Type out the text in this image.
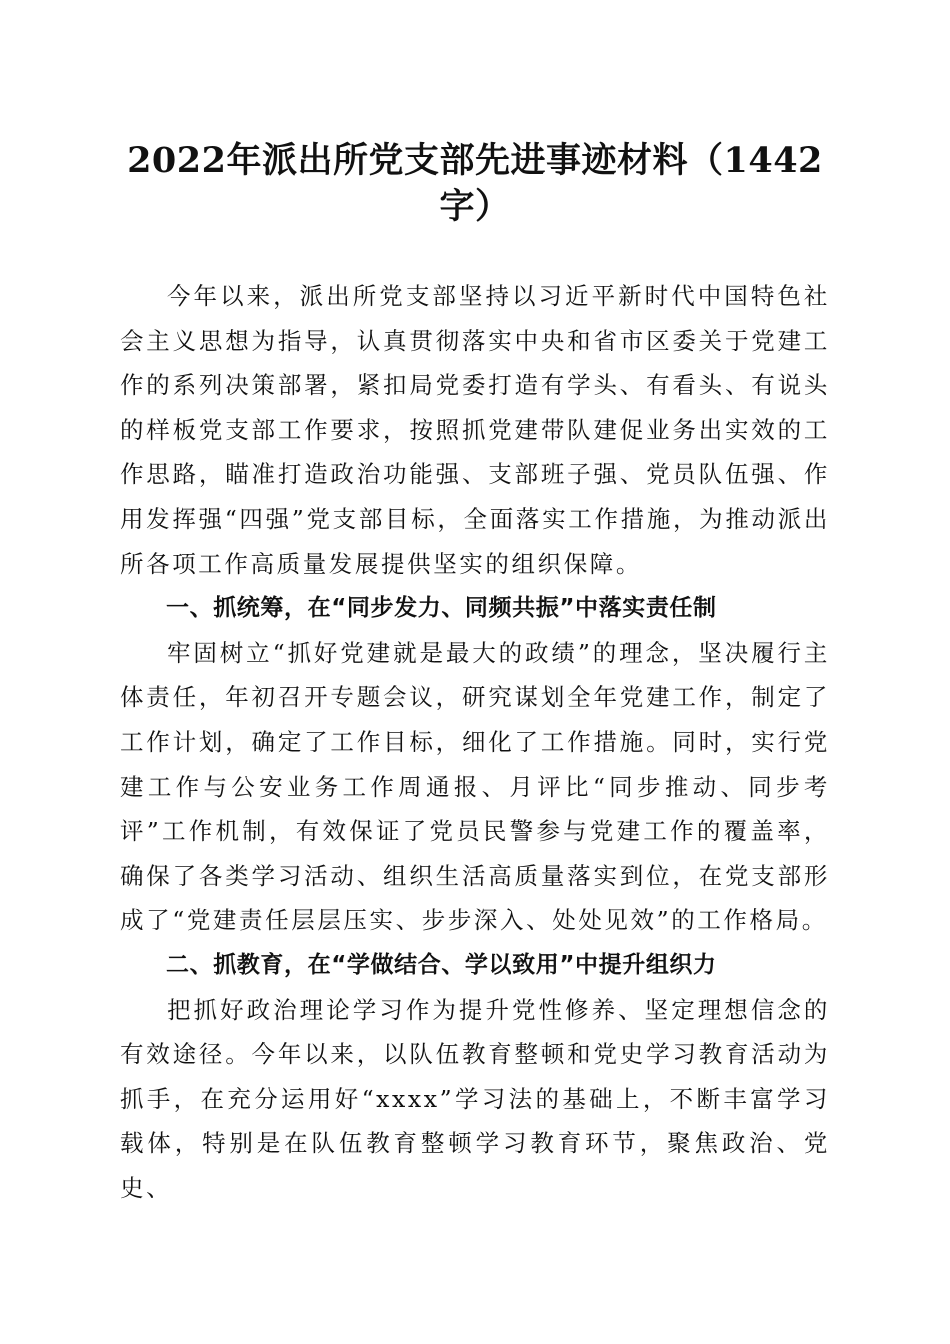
2022年派出所党支部先进事迹材料（1442字）

今年以来，派出所党支部坚持以习近平新时代中国特色社会主义思想为指导，认真贯彻落实中央和省市区委关于党建工作的系列决策部署，紧扣局党委打造有学头、有看头、有说头的样板党支部工作要求，按照抓党建带队建促业务出实效的工作思路，瞄准打造政治功能强、支部班子强、党员队伍强、作用发挥强“四强”党支部目标，全面落实工作措施，为推动派出所各项工作高质量发展提供坚实的组织保障。

一、抓统筹，在“同步发力、同频共振”中落实责任制

牢固树立“抓好党建就是最大的政绩”的理念，坚决履行主体责任，年初召开专题会议，研究谋划全年党建工作，制定了工作计划，确定了工作目标，细化了工作措施。同时，实行党建工作与公安业务工作周通报、月评比“同步推动、同步考评”工作机制，有效保证了党员民警参与党建工作的覆盖率，确保了各类学习活动、组织生活高质量落实到位，在党支部形成了“党建责任层层压实、步步深入、处处见效”的工作格局。

二、抓教育，在“学做结合、学以致用”中提升组织力

把抓好政治理论学习作为提升党性修养、坚定理想信念的有效途径。今年以来，以队伍教育整顿和党史学习教育活动为抓手，在充分运用好“xxxx”学习法的基础上，不断丰富学习载体，特别是在队伍教育整顿学习教育环节，聚焦政治、党史、
